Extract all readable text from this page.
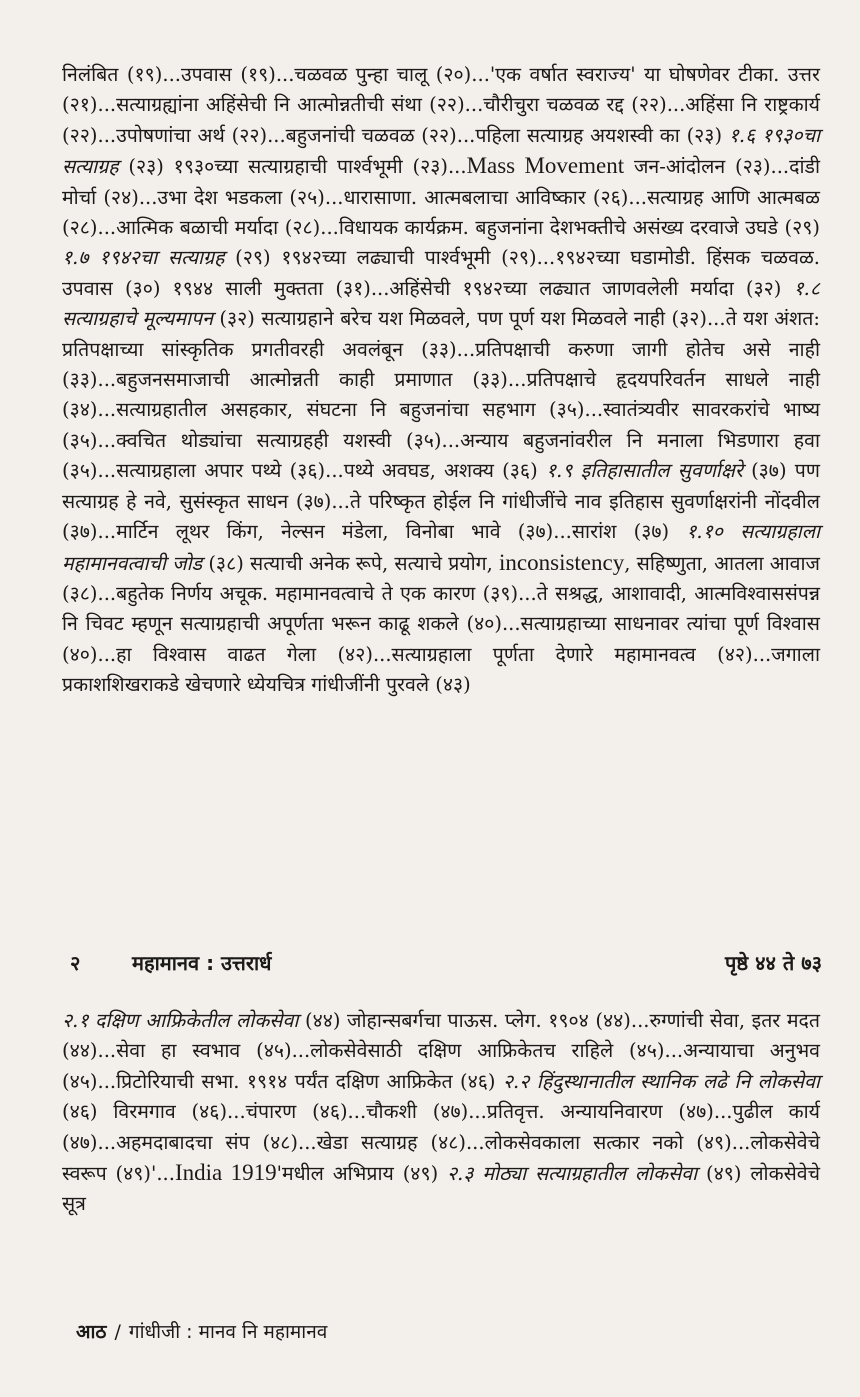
निलंबित (१९)...उपवास (१९)...चळवळ पुन्हा चालू (२०)...'एक वर्षात स्वराज्य' या घोषणेवर टीका. उत्तर (२१)...सत्याग्रह्यांना अहिंसेची नि आत्मोन्नतीची संथा (२२)...चौरीचुरा चळवळ रद्द (२२)...अहिंसा नि राष्ट्रकार्य (२२)...उपोषणांचा अर्थ (२२)...बहुजनांची चळवळ (२२)...पहिला सत्याग्रह अयशस्वी का (२३) १.६ १९३०चा सत्याग्रह (२३) १९३०च्या सत्याग्रहाची पार्श्वभूमी (२३)...Mass Movement जन-आंदोलन (२३)...दांडी मोर्चा (२४)...उभा देश भडकला (२५)...धारासाणा. आत्मबलाचा आविष्कार (२६)...सत्याग्रह आणि आत्मबळ (२८)...आत्मिक बळाची मर्यादा (२८)...विधायक कार्यक्रम. बहुजनांना देशभक्तीचे असंख्य दरवाजे उघडे (२९) १.७ १९४२चा सत्याग्रह (२९) १९४२च्या लढ्याची पार्श्वभूमी (२९)...१९४२च्या घडामोडी. हिंसक चळवळ. उपवास (३०) १९४४ साली मुक्तता (३१)...अहिंसेची १९४२च्या लढ्यात जाणवलेली मर्यादा (३२) १.८ सत्याग्रहाचे मूल्यमापन (३२) सत्याग्रहाने बरेच यश मिळवले, पण पूर्ण यश मिळवले नाही (३२)...ते यश अंशत: प्रतिपक्षाच्या सांस्कृतिक प्रगतीवरही अवलंबून (३३)...प्रतिपक्षाची करुणा जागी होतेच असे नाही (३३)...बहुजनसमाजाची आत्मोन्नती काही प्रमाणात (३३)...प्रतिपक्षाचे हृदयपरिवर्तन साधले नाही (३४)...सत्याग्रहातील असहकार, संघटना नि बहुजनांचा सहभाग (३५)...स्वातंत्र्यवीर सावरकरांचे भाष्य (३५)...क्वचित थोड्यांचा सत्याग्रहही यशस्वी (३५)...अन्याय बहुजनांवरील नि मनाला भिडणारा हवा (३५)...सत्याग्रहाला अपार पथ्ये (३६)...पथ्ये अवघड, अशक्य (३६) १.९ इतिहासातील सुवर्णाक्षरे (३७) पण सत्याग्रह हे नवे, सुसंस्कृत साधन (३७)...ते परिष्कृत होईल नि गांधीजींचे नाव इतिहास सुवर्णाक्षरांनी नोंदवील (३७)...मार्टिन लूथर किंग, नेल्सन मंडेला, विनोबा भावे (३७)...सारांश (३७) १.१० सत्याग्रहाला महामानवत्वाची जोड (३८) सत्याची अनेक रूपे, सत्याचे प्रयोग, inconsistency, सहिष्णुता, आतला आवाज (३८)...बहुतेक निर्णय अचूक. महामानवत्वाचे ते एक कारण (३९)...ते सश्रद्ध, आशावादी, आत्मविश्वाससंपन्न नि चिवट म्हणून सत्याग्रहाची अपूर्णता भरून काढू शकले (४०)...सत्याग्रहाच्या साधनावर त्यांचा पूर्ण विश्वास (४०)...हा विश्वास वाढत गेला (४२)...सत्याग्रहाला पूर्णता देणारे महामानवत्व (४२)...जगाला प्रकाशशिखराकडे खेचणारे ध्येयचित्र गांधीजींनी पुरवले (४३)

२	महामानव : उत्तरार्ध	पृष्ठे ४४ ते ७३

२.१ दक्षिण आफ्रिकेतील लोकसेवा (४४) जोहान्सबर्गचा पाऊस. प्लेग. १९०४ (४४)...रुग्णांची सेवा, इतर मदत (४४)...सेवा हा स्वभाव (४५)...लोकसेवेसाठी दक्षिण आफ्रिकेतच राहिले (४५)...अन्यायाचा अनुभव (४५)...प्रिटोरियाची सभा. १९१४ पर्यंत दक्षिण आफ्रिकेत (४६) २.२ हिंदुस्थानातील स्थानिक लढे नि लोकसेवा (४६) विरमगाव (४६)...चंपारण (४६)...चौकशी (४७)...प्रतिवृत्त. अन्यायनिवारण (४७)...पुढील कार्य (४७)...अहमदाबादचा संप (४८)...खेडा सत्याग्रह (४८)...लोकसेवकाला सत्कार नको (४९)...लोकसेवेचे स्वरूप (४९)'...India 1919'मधील अभिप्राय (४९) २.३ मोठ्या सत्याग्रहातील लोकसेवा (४९) लोकसेवेचे सूत्र

आठ / गांधीजी : मानव नि महामानव
